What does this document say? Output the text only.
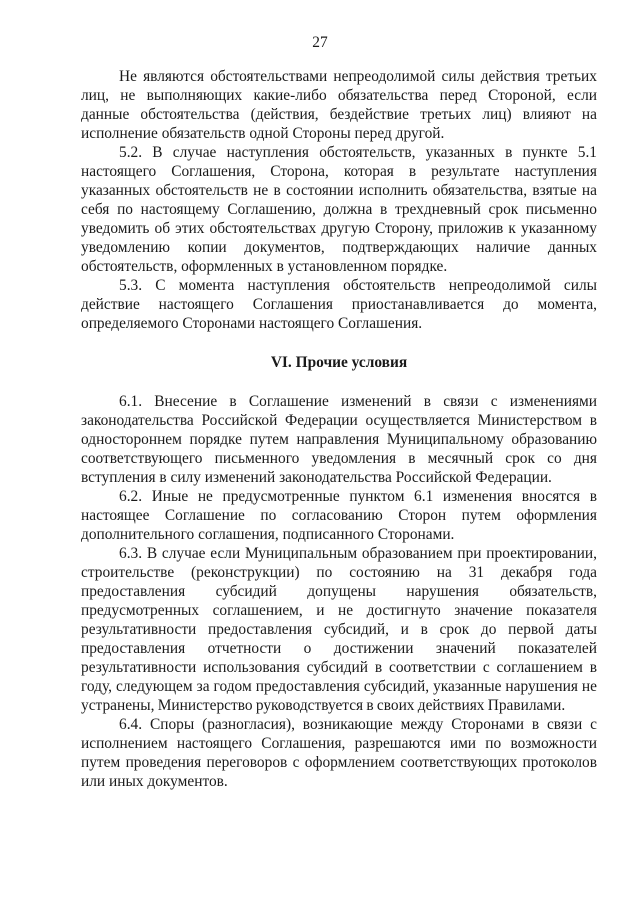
27

Не являются обстоятельствами непреодолимой силы действия третьих лиц, не выполняющих какие-либо обязательства перед Стороной, если данные обстоятельства (действия, бездействие третьих лиц) влияют на исполнение обязательств одной Стороны перед другой.

5.2. В случае наступления обстоятельств, указанных в пункте 5.1 настоящего Соглашения, Сторона, которая в результате наступления указанных обстоятельств не в состоянии исполнить обязательства, взятые на себя по настоящему Соглашению, должна в трехдневный срок письменно уведомить об этих обстоятельствах другую Сторону, приложив к указанному уведомлению копии документов, подтверждающих наличие данных обстоятельств, оформленных в установленном порядке.

5.3. С момента наступления обстоятельств непреодолимой силы действие настоящего Соглашения приостанавливается до момента, определяемого Сторонами настоящего Соглашения.

VI. Прочие условия

6.1. Внесение в Соглашение изменений в связи с изменениями законодательства Российской Федерации осуществляется Министерством в одностороннем порядке путем направления Муниципальному образованию соответствующего письменного уведомления в месячный срок со дня вступления в силу изменений законодательства Российской Федерации.

6.2. Иные не предусмотренные пунктом 6.1 изменения вносятся в настоящее Соглашение по согласованию Сторон путем оформления дополнительного соглашения, подписанного Сторонами.

6.3. В случае если Муниципальным образованием при проектировании, строительстве (реконструкции) по состоянию на 31 декабря года предоставления субсидий допущены нарушения обязательств, предусмотренных соглашением, и не достигнуто значение показателя результативности предоставления субсидий, и в срок до первой даты предоставления отчетности о достижении значений показателей результативности использования субсидий в соответствии с соглашением в году, следующем за годом предоставления субсидий, указанные нарушения не устранены, Министерство руководствуется в своих действиях Правилами.

6.4. Споры (разногласия), возникающие между Сторонами в связи с исполнением настоящего Соглашения, разрешаются ими по возможности путем проведения переговоров с оформлением соответствующих протоколов или иных документов.
